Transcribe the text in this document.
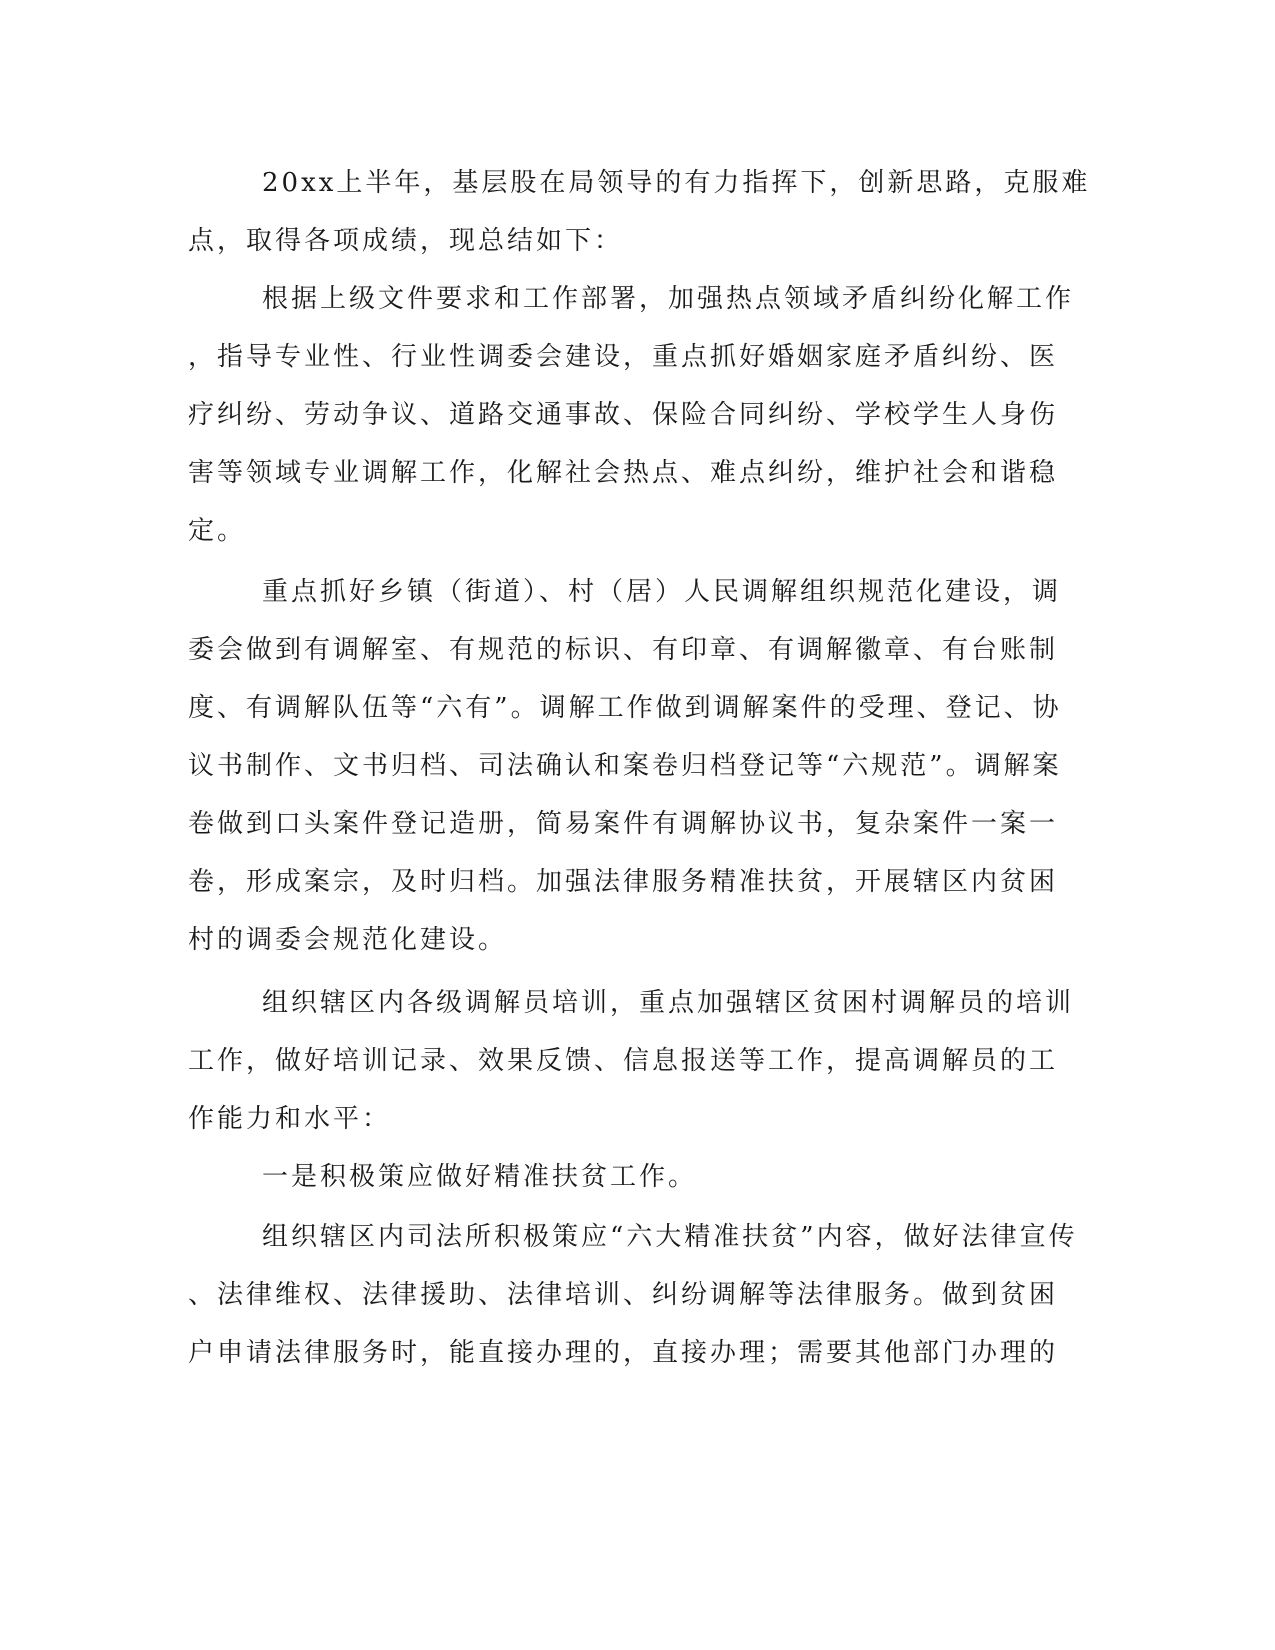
20xx上半年，基层股在局领导的有力指挥下，创新思路，克服难
点，取得各项成绩，现总结如下：
根据上级文件要求和工作部署，加强热点领域矛盾纠纷化解工作
，指导专业性、行业性调委会建设，重点抓好婚姻家庭矛盾纠纷、医
疗纠纷、劳动争议、道路交通事故、保险合同纠纷、学校学生人身伤
害等领域专业调解工作，化解社会热点、难点纠纷，维护社会和谐稳
定。
重点抓好乡镇（街道）、村（居）人民调解组织规范化建设，调
委会做到有调解室、有规范的标识、有印章、有调解徽章、有台账制
度、有调解队伍等“六有”。调解工作做到调解案件的受理、登记、协
议书制作、文书归档、司法确认和案卷归档登记等“六规范”。调解案
卷做到口头案件登记造册，简易案件有调解协议书，复杂案件一案一
卷，形成案宗，及时归档。加强法律服务精准扶贫，开展辖区内贫困
村的调委会规范化建设。
组织辖区内各级调解员培训，重点加强辖区贫困村调解员的培训
工作，做好培训记录、效果反馈、信息报送等工作，提高调解员的工
作能力和水平：
一是积极策应做好精准扶贫工作。
组织辖区内司法所积极策应“六大精准扶贫”内容，做好法律宣传
、法律维权、法律援助、法律培训、纠纷调解等法律服务。做到贫困
户申请法律服务时，能直接办理的，直接办理；需要其他部门办理的
